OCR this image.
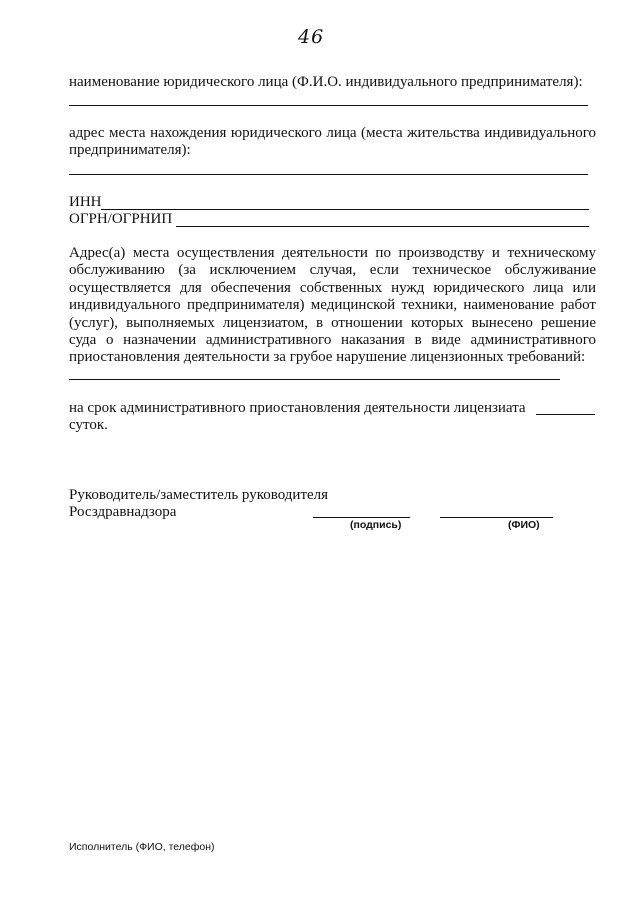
46
наименование юридического лица (Ф.И.О. индивидуального предпринимателя):
адрес места нахождения юридического лица (места жительства индивидуального предпринимателя):
ИНН
ОГРН/ОГРНИП
Адрес(а) места осуществления деятельности по производству и техническому обслуживанию (за исключением случая, если техническое обслуживание осуществляется для обеспечения собственных нужд юридического лица или индивидуального предпринимателя) медицинской техники, наименование работ (услуг), выполняемых лицензиатом, в отношении которых вынесено решение суда о назначении административного наказания в виде административного приостановления деятельности за грубое нарушение лицензионных требований:
на срок административного приостановления деятельности лицензиата
суток.
Руководитель/заместитель руководителя
Росздравнадзора
(подпись)	(ФИО)
Исполнитель (ФИО, телефон)
